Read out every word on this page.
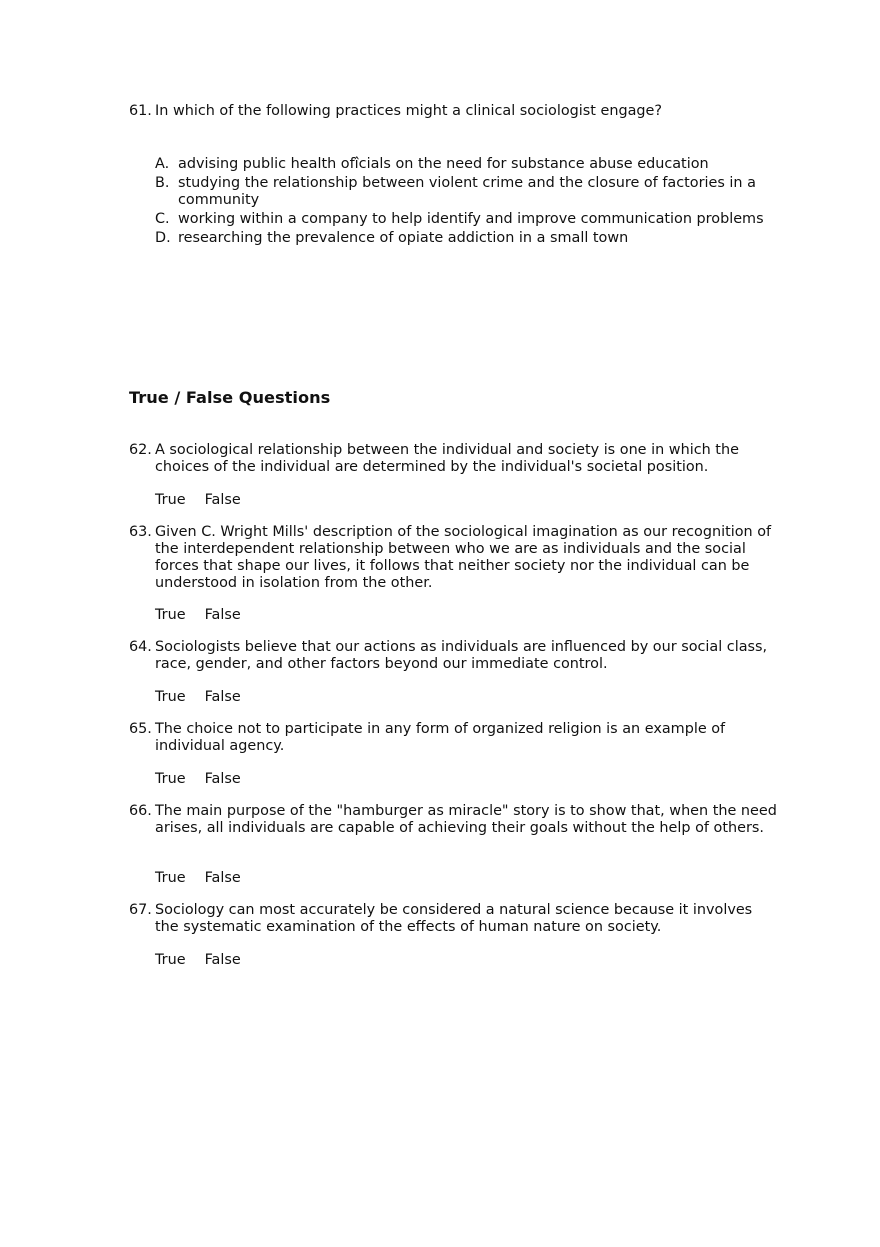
61. In which of the following practices might a clinical sociologist engage?
A. advising public health ofîcials on the need for substance abuse education
B. studying the relationship between violent crime and the closure of factories in a community
C. working within a company to help identify and improve communication problems
D. researching the prevalence of opiate addiction in a small town
True / False Questions
62. A sociological relationship between the individual and society is one in which the choices of the individual are determined by the individual's societal position.
True False
63. Given C. Wright Mills' description of the sociological imagination as our recognition of the interdependent relationship between who we are as individuals and the social forces that shape our lives, it follows that neither society nor the individual can be understood in isolation from the other.
True False
64. Sociologists believe that our actions as individuals are influenced by our social class, race, gender, and other factors beyond our immediate control.
True False
65. The choice not to participate in any form of organized religion is an example of individual agency.
True False
66. The main purpose of the "hamburger as miracle" story is to show that, when the need arises, all individuals are capable of achieving their goals without the help of others.
True False
67. Sociology can most accurately be considered a natural science because it involves the systematic examination of the effects of human nature on society.
True False
